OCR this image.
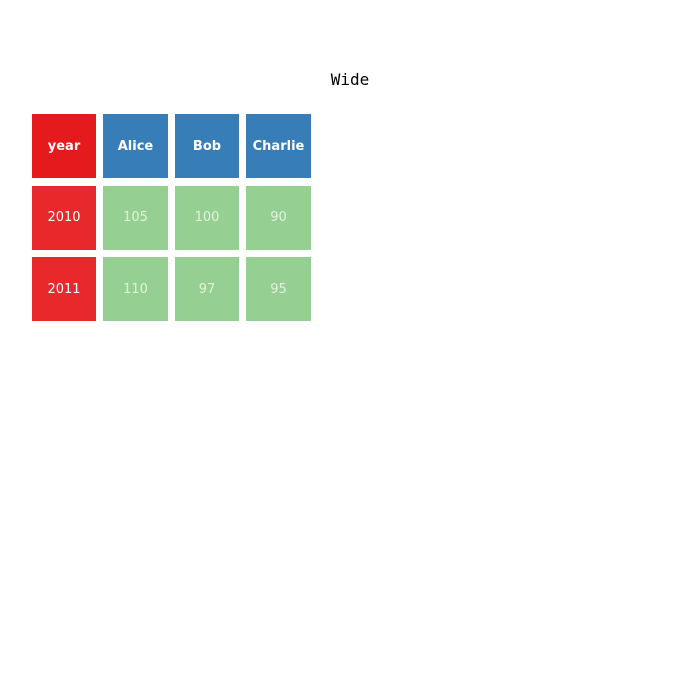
Wide
year	Alice	Bob	Charlie
2010	105	100	90
2011	110	97	95
